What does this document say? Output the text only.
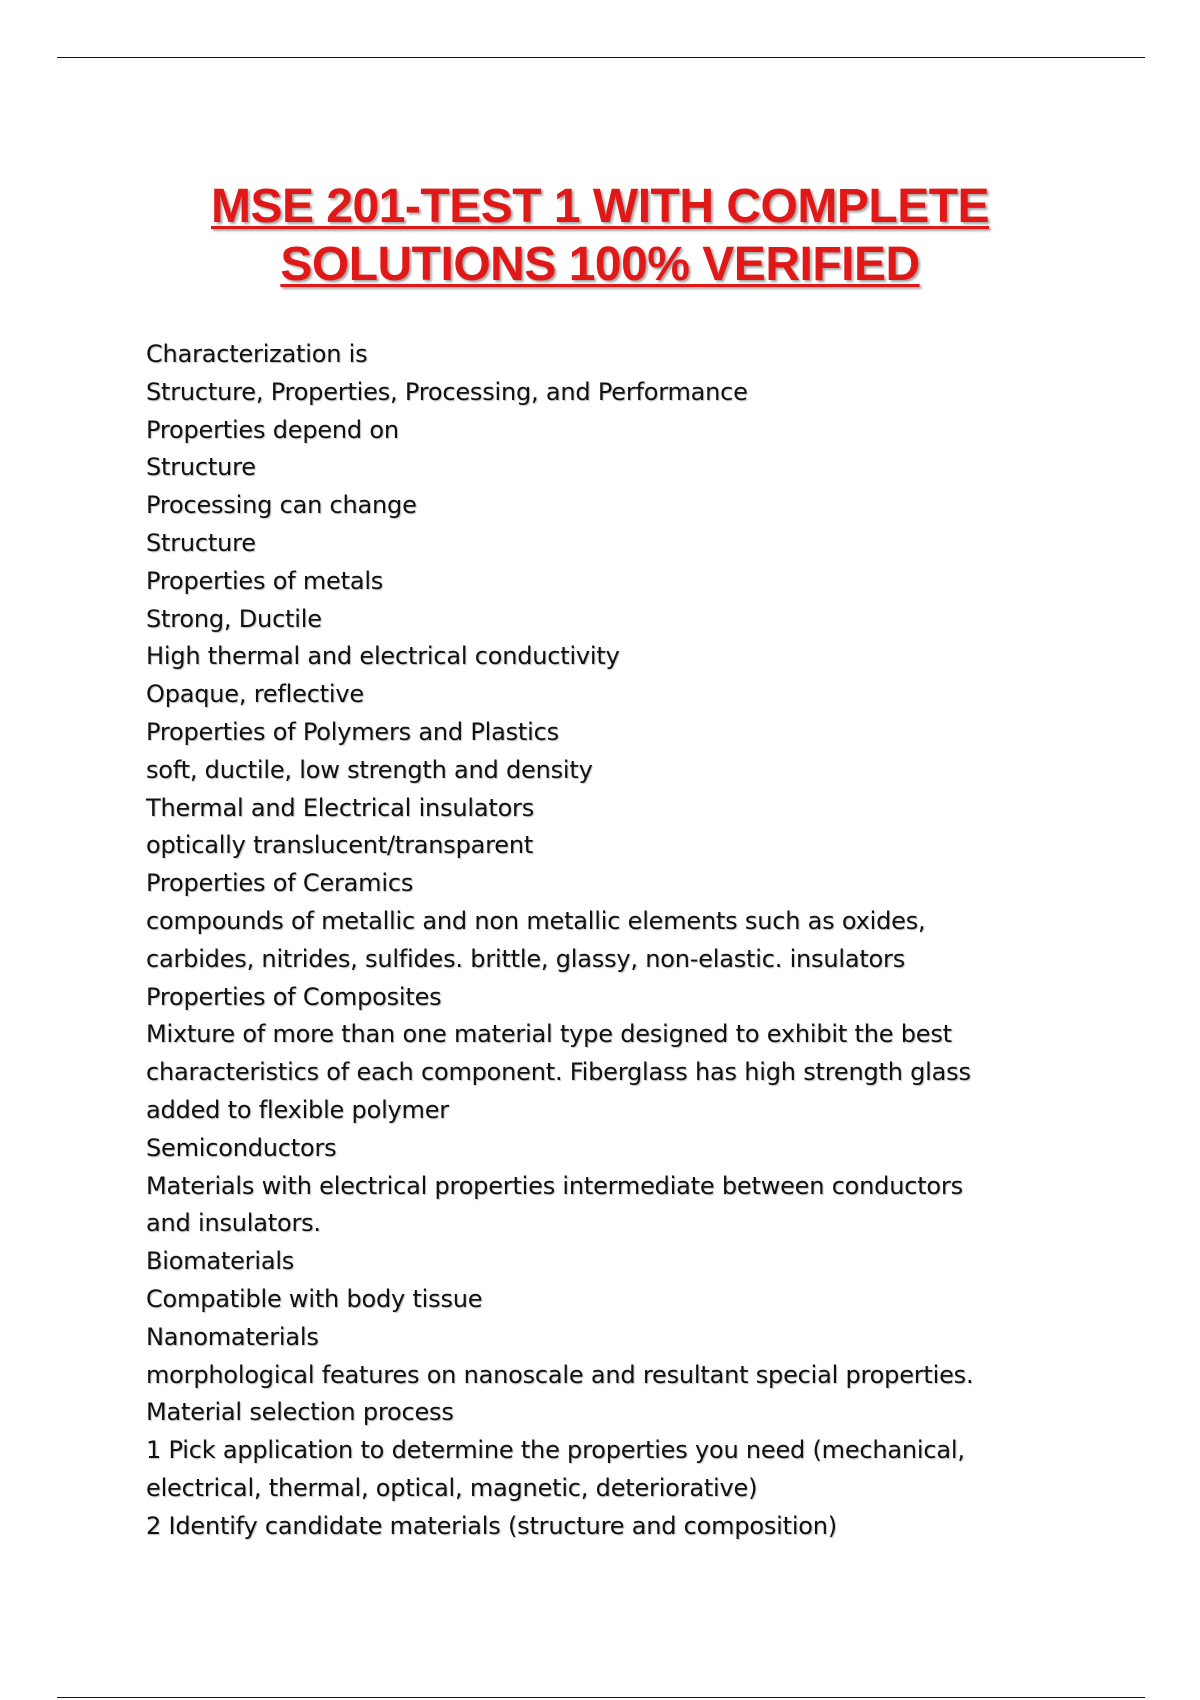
MSE 201-TEST 1 WITH COMPLETE
SOLUTIONS 100% VERIFIED
Characterization is
Structure, Properties, Processing, and Performance
Properties depend on
Structure
Processing can change
Structure
Properties of metals
Strong, Ductile
High thermal and electrical conductivity
Opaque, reflective
Properties of Polymers and Plastics
soft, ductile, low strength and density
Thermal and Electrical insulators
optically translucent/transparent
Properties of Ceramics
compounds of metallic and non metallic elements such as oxides,
carbides, nitrides, sulfides. brittle, glassy, non-elastic. insulators
Properties of Composites
Mixture of more than one material type designed to exhibit the best
characteristics of each component. Fiberglass has high strength glass
added to flexible polymer
Semiconductors
Materials with electrical properties intermediate between conductors
and insulators.
Biomaterials
Compatible with body tissue
Nanomaterials
morphological features on nanoscale and resultant special properties.
Material selection process
1 Pick application to determine the properties you need (mechanical,
electrical, thermal, optical, magnetic, deteriorative)
2 Identify candidate materials (structure and composition)
